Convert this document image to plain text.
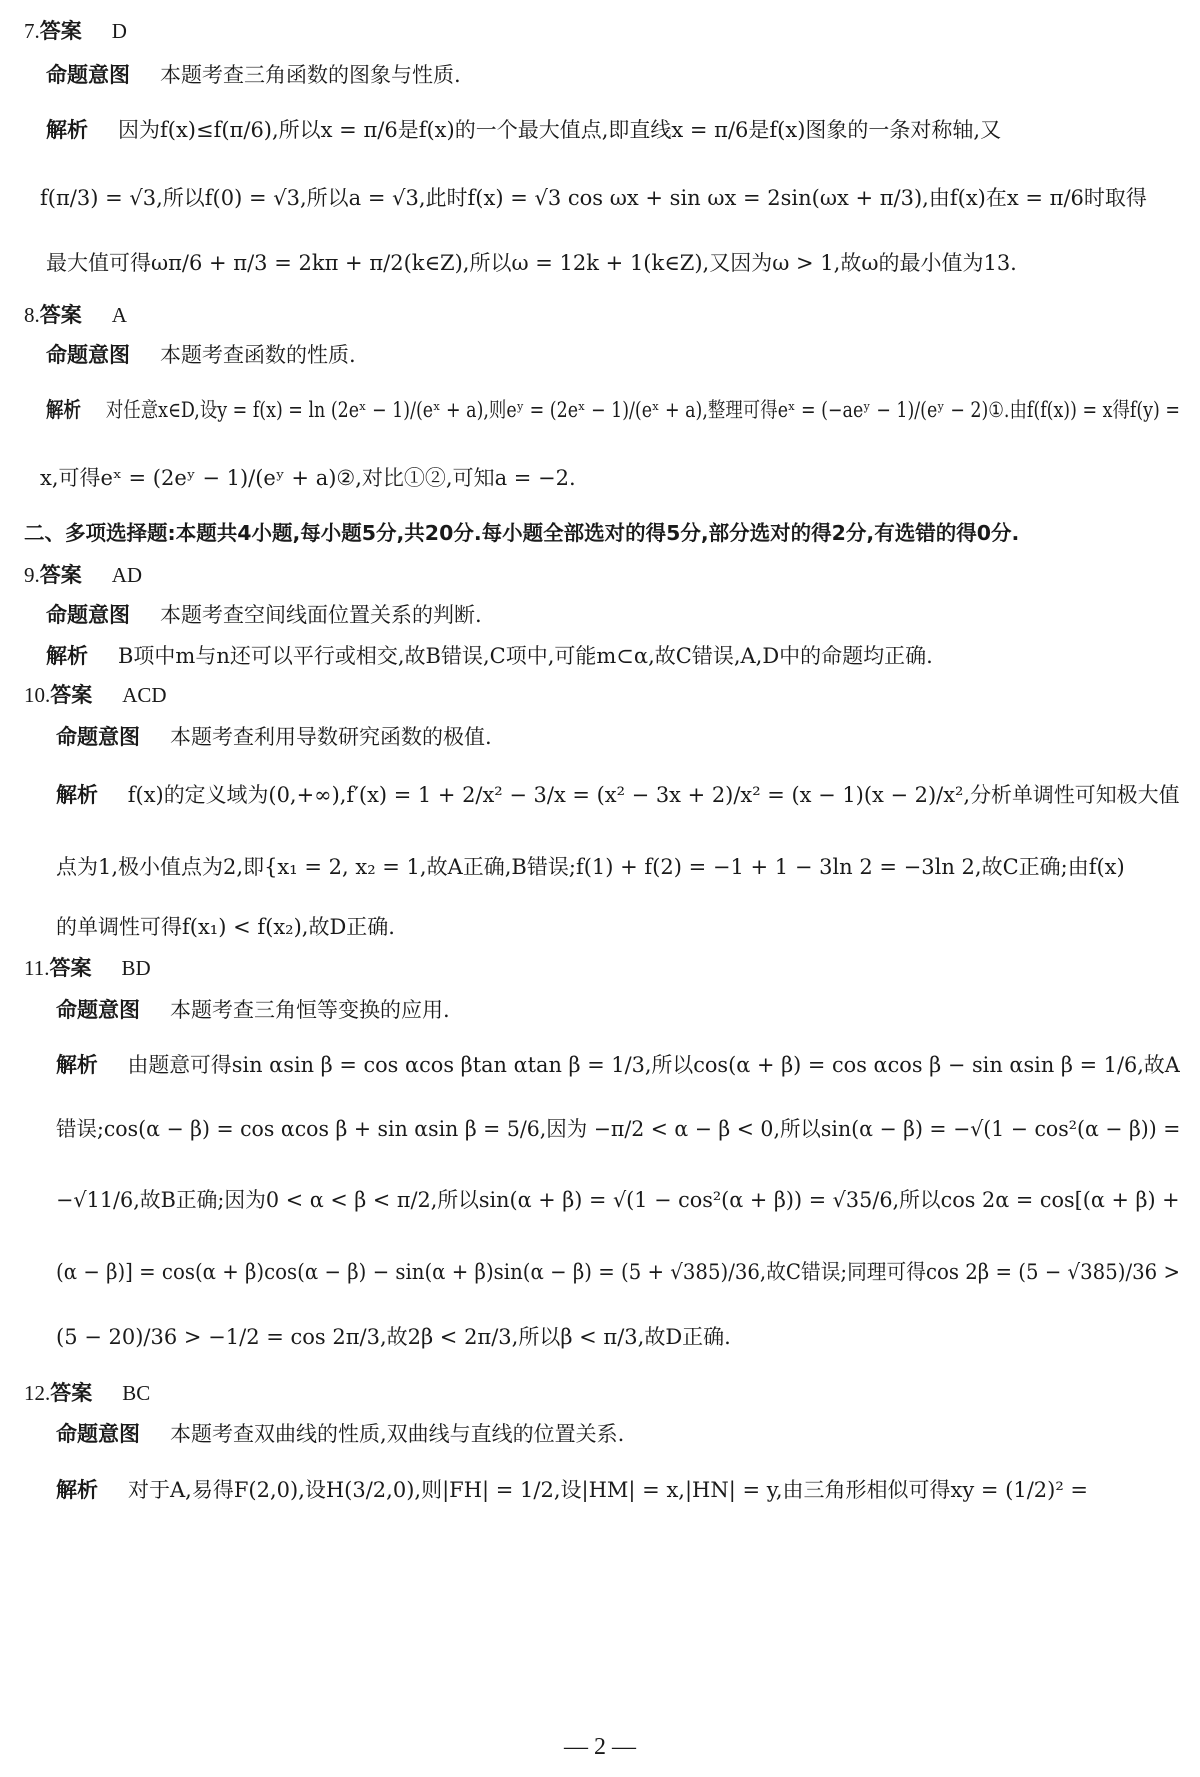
7.答案 D
命题意图 本题考查三角函数的图象与性质.
解析 因为f(x)≤f(π/6),所以x = π/6是f(x)的一个最大值点,即直线x = π/6是f(x)图象的一条对称轴,又
f(π/3) = √3,所以f(0) = √3,所以a = √3,此时f(x) = √3 cos ωx + sin ωx = 2sin(ωx + π/3),由f(x)在x = π/6时取得
最大值可得ωπ/6 + π/3 = 2kπ + π/2(k∈Z),所以ω = 12k + 1(k∈Z),又因为ω > 1,故ω的最小值为13.
8.答案 A
命题意图 本题考查函数的性质.
解析 对任意x∈D,设y = f(x) = ln (2eˣ − 1)/(eˣ + a),则eʸ = (2eˣ − 1)/(eˣ + a),整理可得eˣ = (−aeʸ − 1)/(eʸ − 2)①.由f(f(x)) = x得f(y) =
x,可得eˣ = (2eʸ − 1)/(eʸ + a)②,对比①②,可知a = −2.
二、多项选择题:本题共4小题,每小题5分,共20分.每小题全部选对的得5分,部分选对的得2分,有选错的得0分.
9.答案 AD
命题意图 本题考查空间线面位置关系的判断.
解析 B项中m与n还可以平行或相交,故B错误,C项中,可能m⊂α,故C错误,A,D中的命题均正确.
10.答案 ACD
命题意图 本题考查利用导数研究函数的极值.
解析 f(x)的定义域为(0,+∞),f′(x) = 1 + 2/x² − 3/x = (x² − 3x + 2)/x² = (x − 1)(x − 2)/x²,分析单调性可知极大值
点为1,极小值点为2,即{x₁ = 2, x₂ = 1,故A正确,B错误;f(1) + f(2) = −1 + 1 − 3ln 2 = −3ln 2,故C正确;由f(x)
的单调性可得f(x₁) < f(x₂),故D正确.
11.答案 BD
命题意图 本题考查三角恒等变换的应用.
解析 由题意可得sin αsin β = cos αcos βtan αtan β = 1/3,所以cos(α + β) = cos αcos β − sin αsin β = 1/6,故A
错误;cos(α − β) = cos αcos β + sin αsin β = 5/6,因为 −π/2 < α − β < 0,所以sin(α − β) = −√(1 − cos²(α − β)) =
−√11/6,故B正确;因为0 < α < β < π/2,所以sin(α + β) = √(1 − cos²(α + β)) = √35/6,所以cos 2α = cos[(α + β) +
(α − β)] = cos(α + β)cos(α − β) − sin(α + β)sin(α − β) = (5 + √385)/36,故C错误;同理可得cos 2β = (5 − √385)/36 >
(5 − 20)/36 > −1/2 = cos 2π/3,故2β < 2π/3,所以β < π/3,故D正确.
12.答案 BC
命题意图 本题考查双曲线的性质,双曲线与直线的位置关系.
解析 对于A,易得F(2,0),设H(3/2,0),则|FH| = 1/2,设|HM| = x,|HN| = y,由三角形相似可得xy = (1/2)² =
— 2 —
